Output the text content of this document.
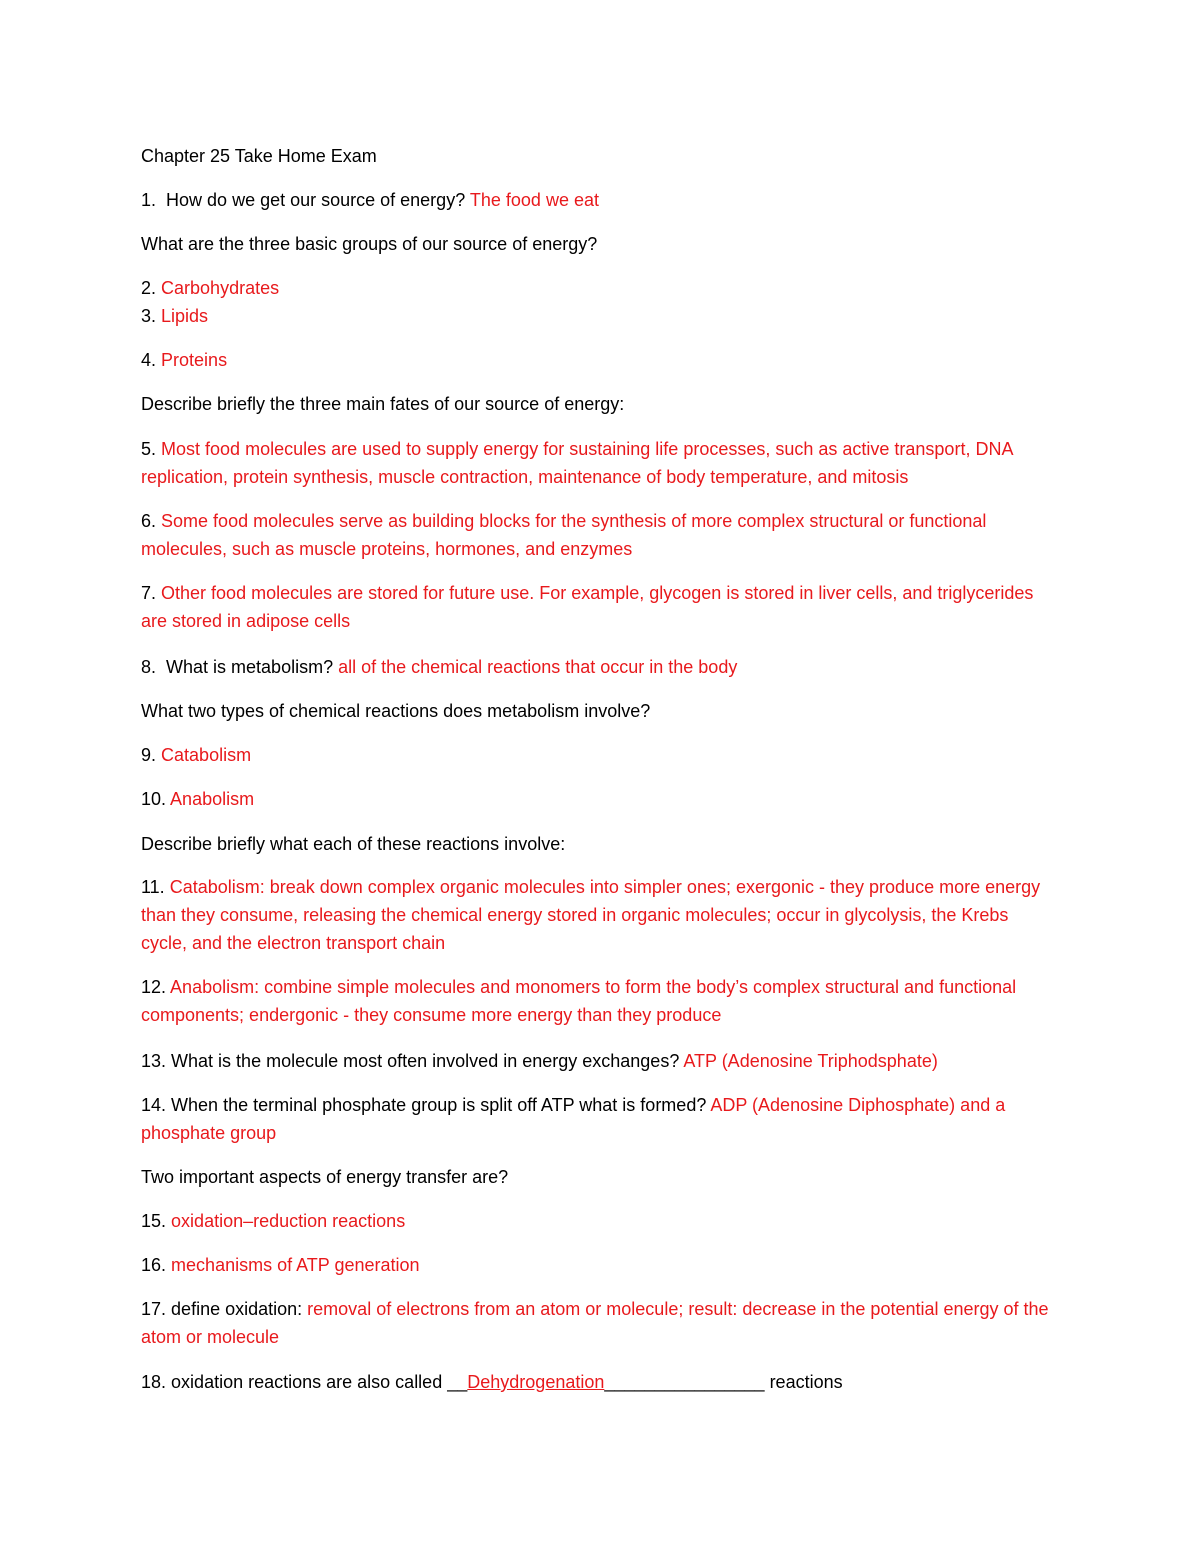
Chapter 25 Take Home Exam

1. How do we get our source of energy? The food we eat

What are the three basic groups of our source of energy?

2. Carbohydrates

3. Lipids

4. Proteins

Describe briefly the three main fates of our source of energy:

5. Most food molecules are used to supply energy for sustaining life processes, such as active transport, DNA replication, protein synthesis, muscle contraction, maintenance of body temperature, and mitosis

6. Some food molecules serve as building blocks for the synthesis of more complex structural or functional molecules, such as muscle proteins, hormones, and enzymes

7. Other food molecules are stored for future use. For example, glycogen is stored in liver cells, and triglycerides are stored in adipose cells

8. What is metabolism? all of the chemical reactions that occur in the body

What two types of chemical reactions does metabolism involve?

9. Catabolism

10. Anabolism

Describe briefly what each of these reactions involve:

11. Catabolism: break down complex organic molecules into simpler ones; exergonic - they produce more energy than they consume, releasing the chemical energy stored in organic molecules; occur in glycolysis, the Krebs cycle, and the electron transport chain

12. Anabolism: combine simple molecules and monomers to form the body’s complex structural and functional components; endergonic - they consume more energy than they produce

13. What is the molecule most often involved in energy exchanges? ATP (Adenosine Triphodsphate)

14. When the terminal phosphate group is split off ATP what is formed? ADP (Adenosine Diphosphate) and a phosphate group

Two important aspects of energy transfer are?

15. oxidation–reduction reactions

16. mechanisms of ATP generation

17. define oxidation: removal of electrons from an atom or molecule; result: decrease in the potential energy of the atom or molecule

18. oxidation reactions are also called __Dehydrogenation________________ reactions
